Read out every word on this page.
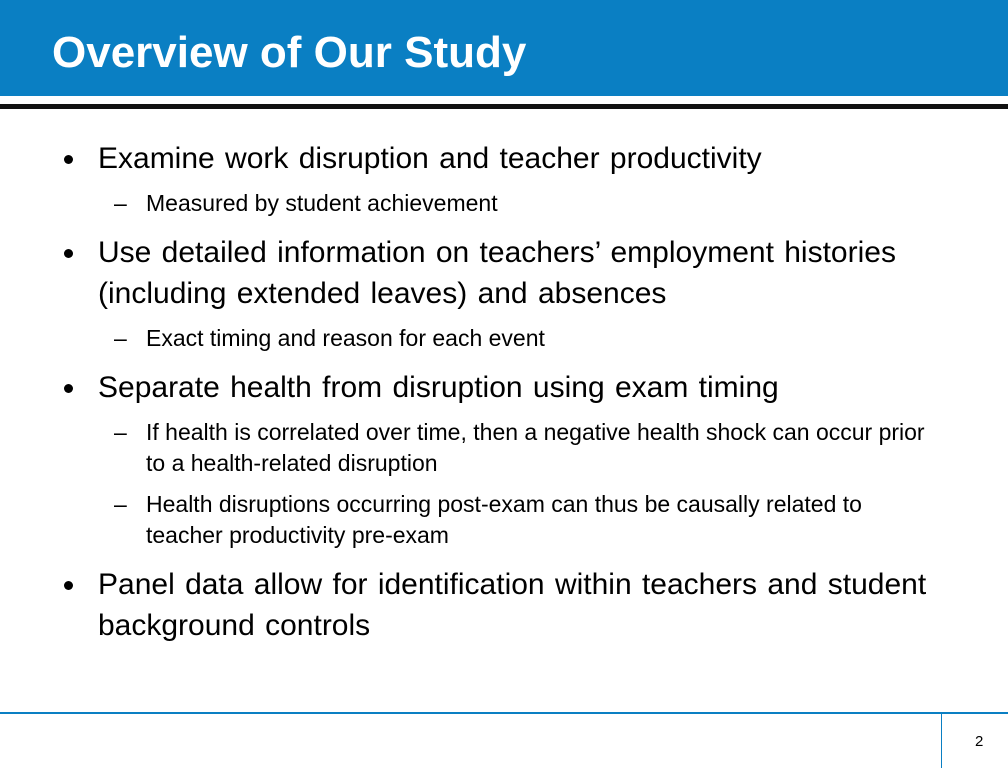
Overview of Our Study
Examine work disruption and teacher productivity
– Measured by student achievement
Use detailed information on teachers’ employment histories (including extended leaves) and absences
– Exact timing and reason for each event
Separate health from disruption using exam timing
– If health is correlated over time, then a negative health shock can occur prior to a health-related disruption
– Health disruptions occurring post-exam can thus be causally related to teacher productivity pre-exam
Panel data allow for identification within teachers and student background controls
2
